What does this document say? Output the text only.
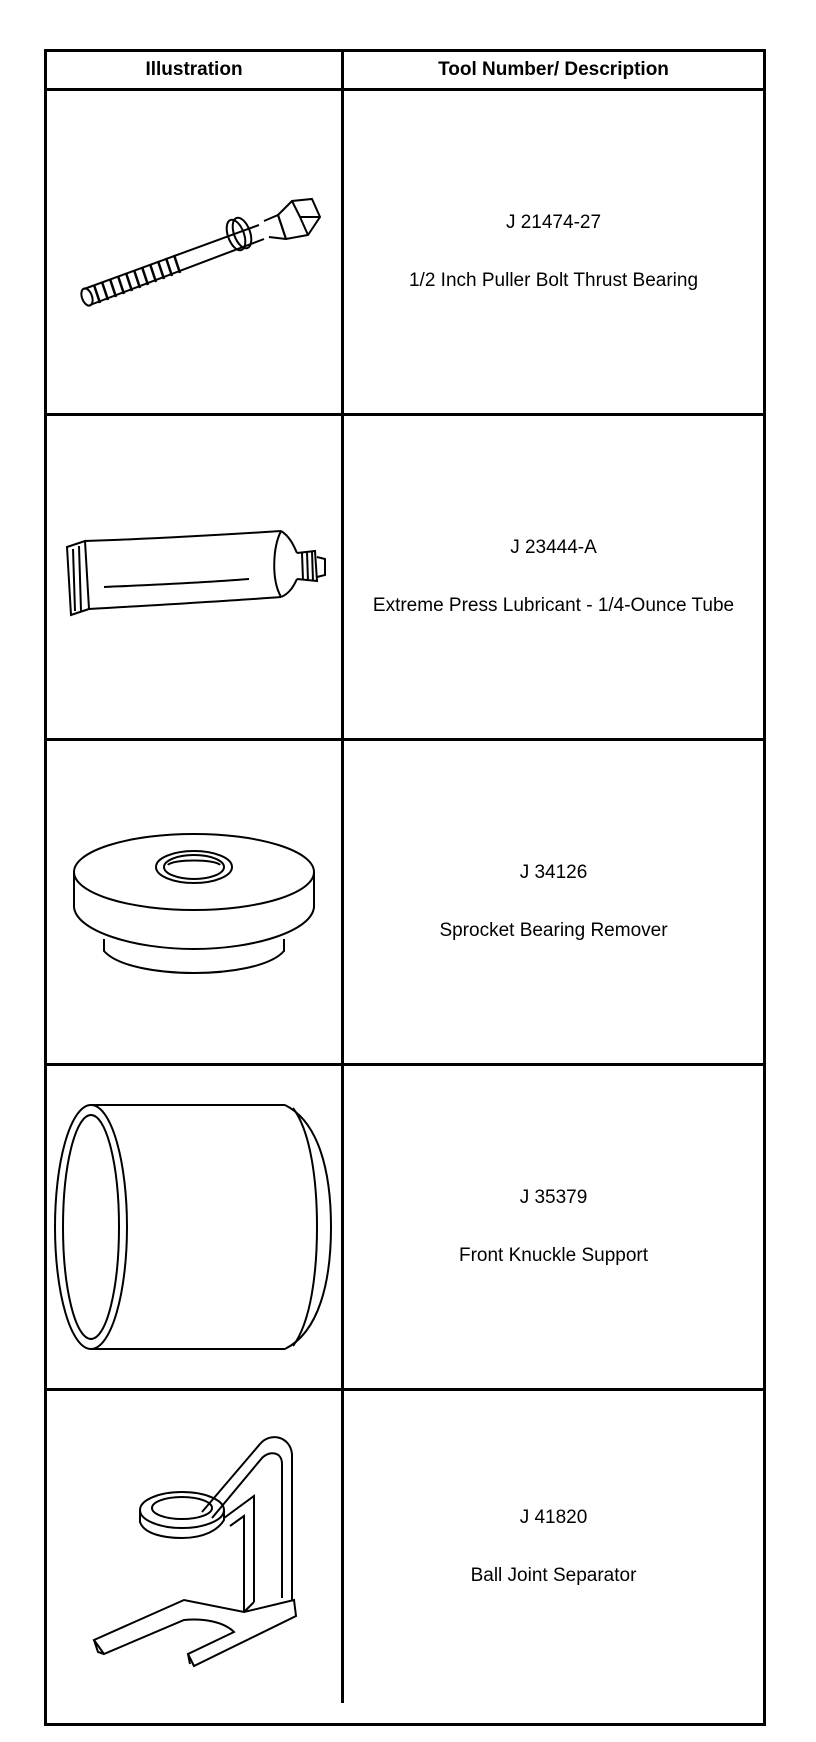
Illustration	Tool Number/ Description
J 21474-27
1/2 Inch Puller Bolt Thrust Bearing
J 23444-A
Extreme Press Lubricant - 1/4-Ounce Tube
J 34126
Sprocket Bearing Remover
J 35379
Front Knuckle Support
J 41820
Ball Joint Separator
